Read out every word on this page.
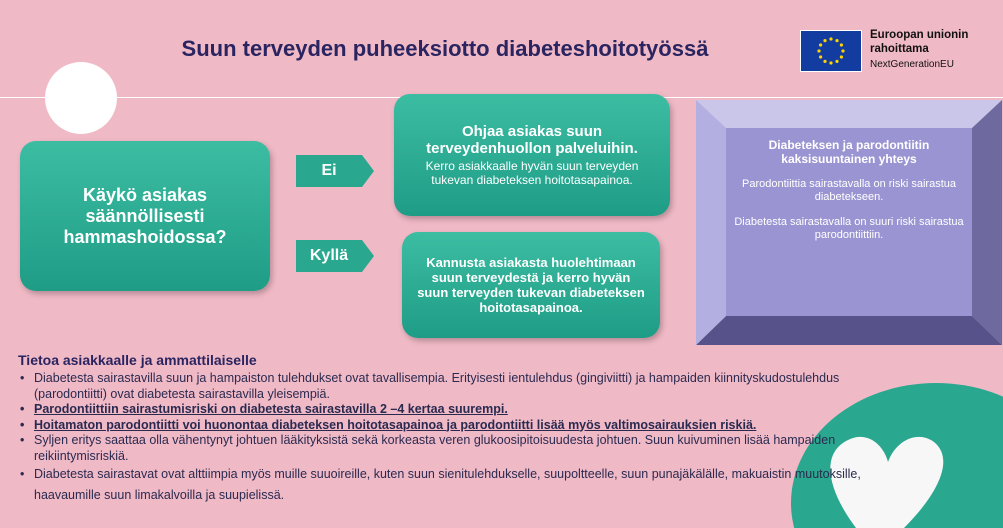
Suun terveyden puheeksiotto diabeteshoitotyössä
Euroopan unionin
rahoittama
NextGenerationEU
Käykö asiakas säännöllisesti hammashoidossa?
Ei
Kyllä
Ohjaa asiakas suun terveydenhuollon palveluihin.
Kerro asiakkaalle hyvän suun terveyden tukevan diabeteksen hoitotasapainoa.
Kannusta asiakasta huolehtimaan suun terveydestä ja kerro hyvän suun terveyden tukevan diabeteksen hoitotasapainoa.
Diabeteksen ja parodontiitin kaksisuuntainen yhteys
Parodontiittia sairastavalla on riski sairastua diabetekseen.
Diabetesta sairastavalla on suuri riski sairastua parodontiittiin.
Tietoa asiakkaalle ja ammattilaiselle
• Diabetesta sairastavilla suun ja hampaiston tulehdukset ovat tavallisempia. Erityisesti ientulehdus (gingiviitti) ja hampaiden kiinnityskudostulehdus (parodontiitti) ovat diabetesta sairastavilla yleisempiä.
• Parodontiittiin sairastumisriski on diabetesta sairastavilla 2 –4 kertaa suurempi.
• Hoitamaton parodontiitti voi huonontaa diabeteksen hoitotasapainoa ja parodontiitti lisää myös valtimosairauksien riskiä.
• Syljen eritys saattaa olla vähentynyt johtuen lääkityksistä sekä korkeasta veren glukoosipitoisuudesta johtuen. Suun kuivuminen lisää hampaiden reikiintymisriskiä.
• Diabetesta sairastavat ovat alttiimpia myös muille suuoireille, kuten suun sienitulehdukselle, suupoltteelle, suun punajäkälälle, makuaistin muutoksille, haavaumille suun limakalvoilla ja suupielissä.
